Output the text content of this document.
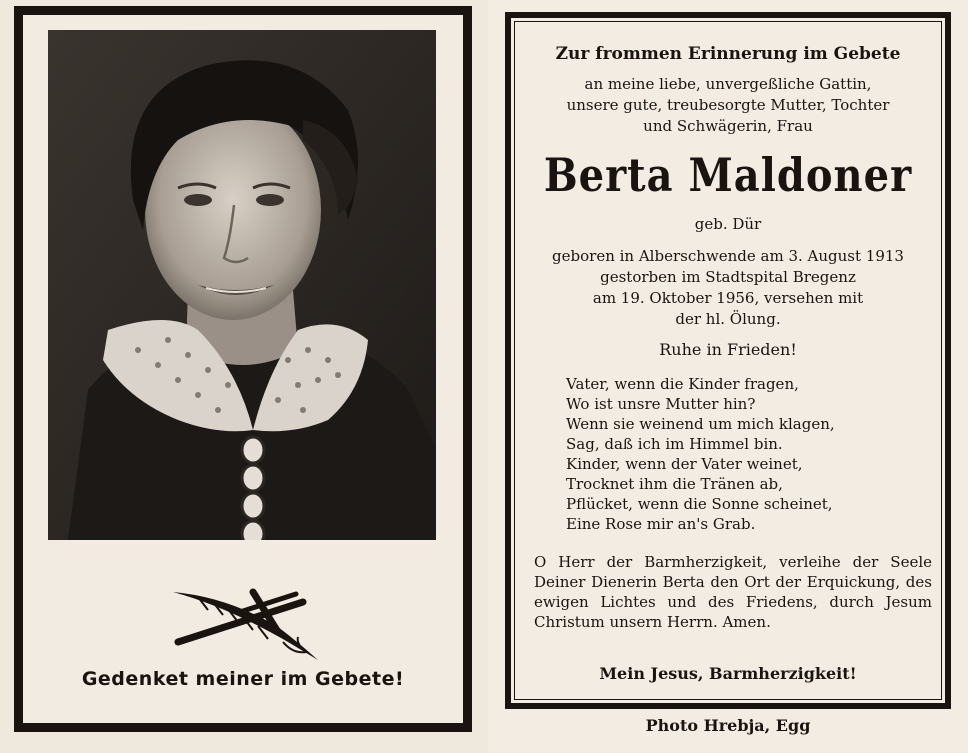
Gedenket meiner im Gebete!
Zur frommen Erinnerung im Gebete
an meine liebe, unvergeßliche Gattin,
unsere gute, treubesorgte Mutter, Tochter
und Schwägerin, Frau
Berta Maldoner
geb. Dür
geboren in Alberschwende am 3. August 1913
gestorben im Stadtspital Bregenz
am 19. Oktober 1956, versehen mit
der hl. Ölung.
Ruhe in Frieden!
Vater, wenn die Kinder fragen,
Wo ist unsre Mutter hin?
Wenn sie weinend um mich klagen,
Sag, daß ich im Himmel bin.
Kinder, wenn der Vater weinet,
Trocknet ihm die Tränen ab,
Pflücket, wenn die Sonne scheinet,
Eine Rose mir an's Grab.
O Herr der Barmherzigkeit, verleihe der Seele Deiner Dienerin Berta den Ort der Erquickung, des ewigen Lichtes und des Friedens, durch Jesum Christum unsern Herrn. Amen.
Mein Jesus, Barmherzigkeit!
Photo Hrebja, Egg
